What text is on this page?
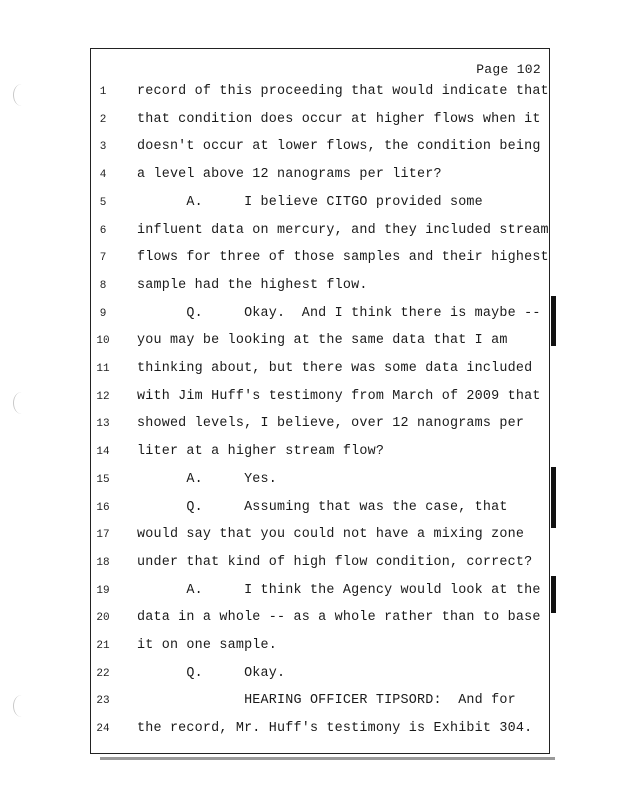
Page 102
1	record of this proceeding that would indicate that
2	that condition does occur at higher flows when it
3	doesn't occur at lower flows, the condition being
4	a level above 12 nanograms per liter?
5	A.     I believe CITGO provided some
6	influent data on mercury, and they included stream
7	flows for three of those samples and their highest
8	sample had the highest flow.
9	Q.     Okay.  And I think there is maybe --
10	you may be looking at the same data that I am
11	thinking about, but there was some data included
12	with Jim Huff's testimony from March of 2009 that
13	showed levels, I believe, over 12 nanograms per
14	liter at a higher stream flow?
15	A.     Yes.
16	Q.     Assuming that was the case, that
17	would say that you could not have a mixing zone
18	under that kind of high flow condition, correct?
19	A.     I think the Agency would look at the
20	data in a whole -- as a whole rather than to base
21	it on one sample.
22	Q.     Okay.
23	HEARING OFFICER TIPSORD:  And for
24	the record, Mr. Huff's testimony is Exhibit 304.
